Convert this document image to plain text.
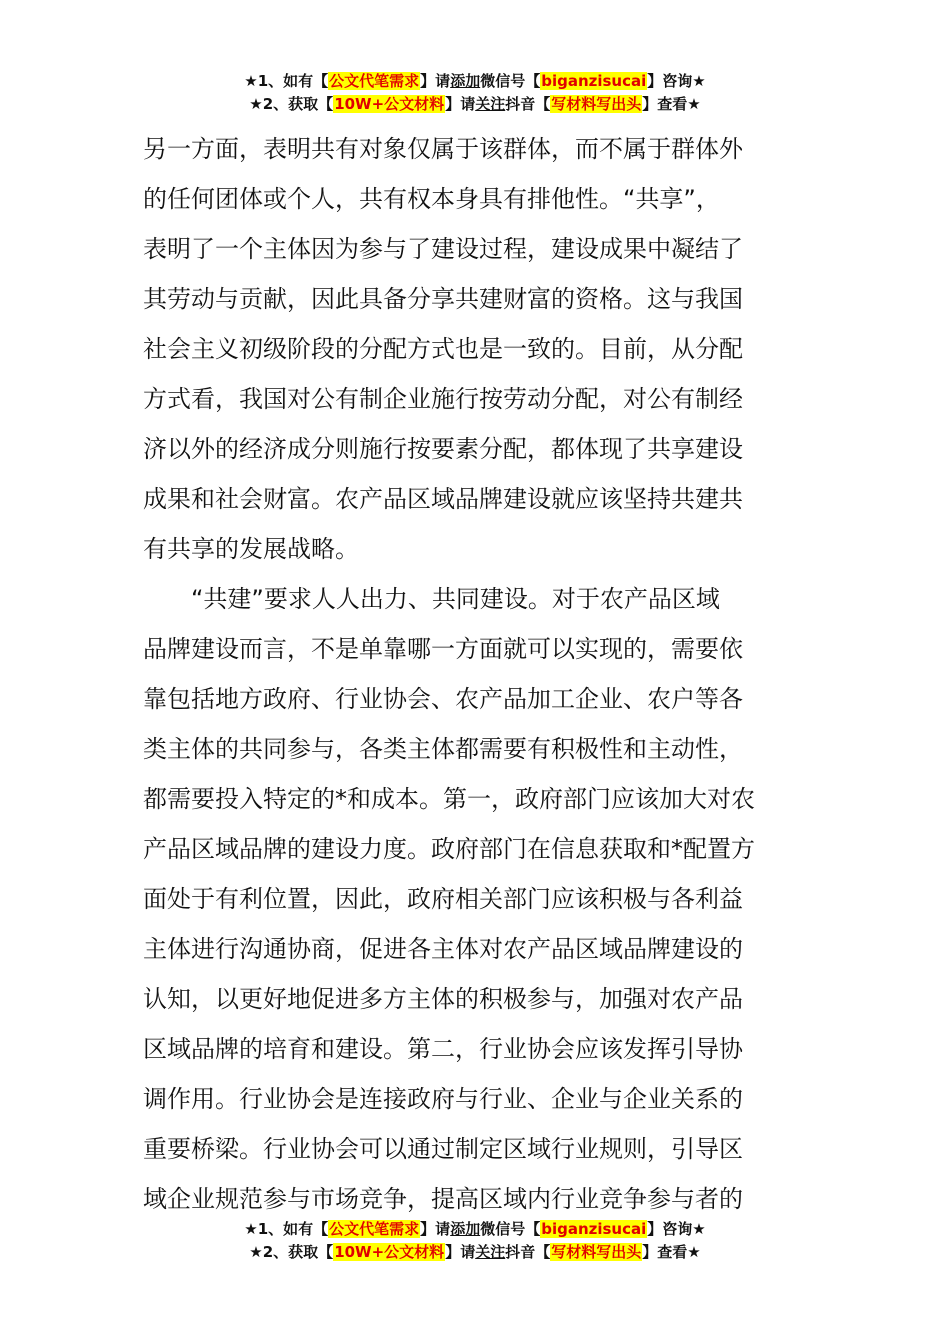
★1、如有【公文代笔需求】请添加微信号【biganzisucai】咨询★
★2、获取【10W+公文材料】请关注抖音【写材料写出头】查看★
另一方面，表明共有对象仅属于该群体，而不属于群体外
的任何团体或个人，共有权本身具有排他性。“共享”，
表明了一个主体因为参与了建设过程，建设成果中凝结了
其劳动与贡献，因此具备分享共建财富的资格。这与我国
社会主义初级阶段的分配方式也是一致的。目前，从分配
方式看，我国对公有制企业施行按劳动分配，对公有制经
济以外的经济成分则施行按要素分配，都体现了共享建设
成果和社会财富。农产品区域品牌建设就应该坚持共建共
有共享的发展战略。
“共建”要求人人出力、共同建设。对于农产品区域
品牌建设而言，不是单靠哪一方面就可以实现的，需要依
靠包括地方政府、行业协会、农产品加工企业、农户等各
类主体的共同参与，各类主体都需要有积极性和主动性，
都需要投入特定的*和成本。第一，政府部门应该加大对农
产品区域品牌的建设力度。政府部门在信息获取和*配置方
面处于有利位置，因此，政府相关部门应该积极与各利益
主体进行沟通协商，促进各主体对农产品区域品牌建设的
认知，以更好地促进多方主体的积极参与，加强对农产品
区域品牌的培育和建设。第二，行业协会应该发挥引导协
调作用。行业协会是连接政府与行业、企业与企业关系的
重要桥梁。行业协会可以通过制定区域行业规则，引导区
域企业规范参与市场竞争，提高区域内行业竞争参与者的
★1、如有【公文代笔需求】请添加微信号【biganzisucai】咨询★
★2、获取【10W+公文材料】请关注抖音【写材料写出头】查看★
